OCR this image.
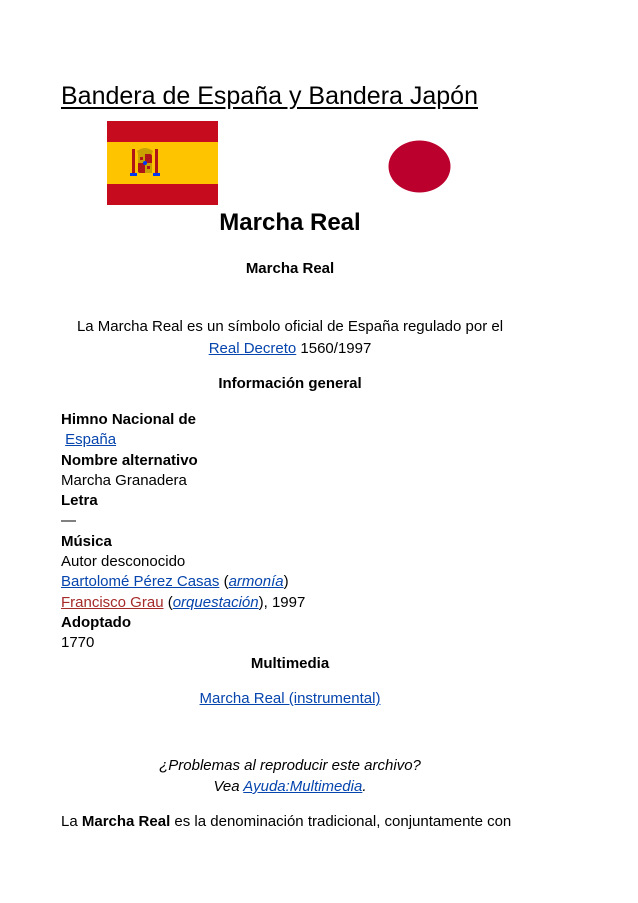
Bandera de España y Bandera Japón
Marcha Real
Marcha Real
La Marcha Real es un símbolo oficial de España regulado por el
Real Decreto 1560/1997
Información general
Himno Nacional de
España
Nombre alternativo
Marcha Granadera
Letra
—
Música
Autor desconocido
Bartolomé Pérez Casas (armonía)
Francisco Grau (orquestación), 1997
Adoptado
1770
Multimedia
Marcha Real (instrumental)
¿Problemas al reproducir este archivo?
Vea Ayuda:Multimedia.
La Marcha Real es la denominación tradicional, conjuntamente con
